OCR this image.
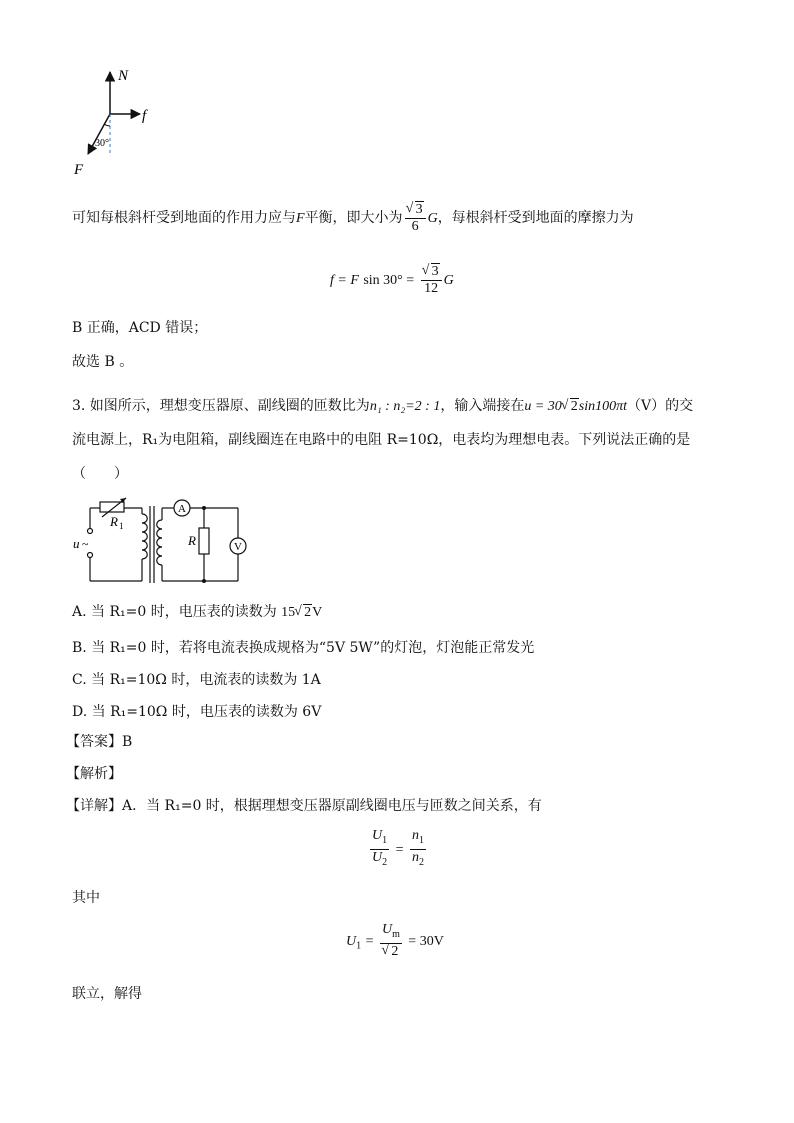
N
f
F
30°
可知每根斜杆受到地面的作用力应与F平衡，即大小为 √ $\frac{3}{6}$ G，每根斜杆受到地面的摩擦力为
f = F sin 30° = √ $\frac{3}{12}$ G
B 正确，ACD 错误；
故选 B 。
3. 如图所示，理想变压器原、副线圈的匝数比为n₁ : n₂=2 : 1，输入端接在u = 30 √ 2sin100πt（V）的交
流电源上，R₁为电阻箱，副线圈连在电路中的电阻 R=10Ω，电表均为理想电表。下列说法正确的是
（　　）
A
V
R 1
u ~	R
A. 当 R₁=0 时，电压表的读数为 15 √ 2V
B. 当 R₁=0 时，若将电流表换成规格为“5V 5W”的灯泡，灯泡能正常发光
C. 当 R₁=10Ω 时，电流表的读数为 1A
D. 当 R₁=10Ω 时，电压表的读数为 6V
【答案】B
【解析】
【详解】A．当 R₁=0 时，根据理想变压器原副线圈电压与匝数之间关系，有
$\frac{U_1}{U_2} = \frac{n_1}{n_2}$
其中
$U_1 = U_m$
√ 2 = 30V
联立，解得
